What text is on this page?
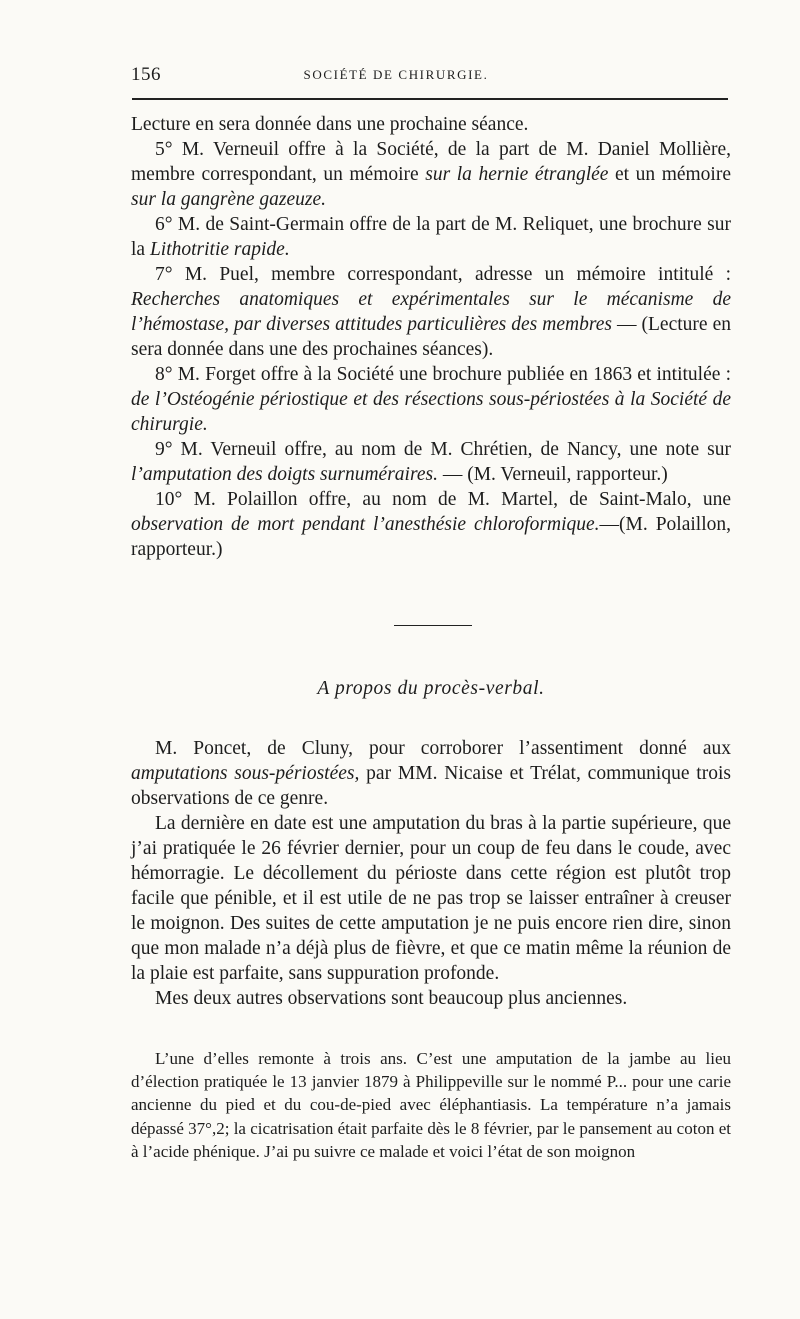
156	SOCIÉTÉ DE CHIRURGIE.

Lecture en sera donnée dans une prochaine séance.

5° M. Verneuil offre à la Société, de la part de M. Daniel Mollière, membre correspondant, un mémoire sur la hernie étranglée et un mémoire sur la gangrène gazeuze.

6° M. de Saint-Germain offre de la part de M. Reliquet, une brochure sur la Lithotritie rapide.

7° M. Puel, membre correspondant, adresse un mémoire intitulé : Recherches anatomiques et expérimentales sur le mécanisme de l’hémostase, par diverses attitudes particulières des membres — (Lecture en sera donnée dans une des prochaines séances).

8° M. Forget offre à la Société une brochure publiée en 1863 et intitulée : de l’Ostéogénie périostique et des résections sous-périostées à la Société de chirurgie.

9° M. Verneuil offre, au nom de M. Chrétien, de Nancy, une note sur l’amputation des doigts surnuméraires. — (M. Verneuil, rapporteur.)

10° M. Polaillon offre, au nom de M. Martel, de Saint-Malo, une observation de mort pendant l’anesthésie chloroformique.—(M. Polaillon, rapporteur.)

A propos du procès-verbal.

M. Poncet, de Cluny, pour corroborer l’assentiment donné aux amputations sous-périostées, par MM. Nicaise et Trélat, communique trois observations de ce genre.

La dernière en date est une amputation du bras à la partie supérieure, que j’ai pratiquée le 26 février dernier, pour un coup de feu dans le coude, avec hémorragie. Le décollement du périoste dans cette région est plutôt trop facile que pénible, et il est utile de ne pas trop se laisser entraîner à creuser le moignon. Des suites de cette amputation je ne puis encore rien dire, sinon que mon malade n’a déjà plus de fièvre, et que ce matin même la réunion de la plaie est parfaite, sans suppuration profonde.

Mes deux autres observations sont beaucoup plus anciennes.

L’une d’elles remonte à trois ans. C’est une amputation de la jambe au lieu d’élection pratiquée le 13 janvier 1879 à Philippeville sur le nommé P... pour une carie ancienne du pied et du cou-de-pied avec éléphantiasis. La température n’a jamais dépassé 37°,2; la cicatrisation était parfaite dès le 8 février, par le pansement au coton et à l’acide phénique. J’ai pu suivre ce malade et voici l’état de son moignon
